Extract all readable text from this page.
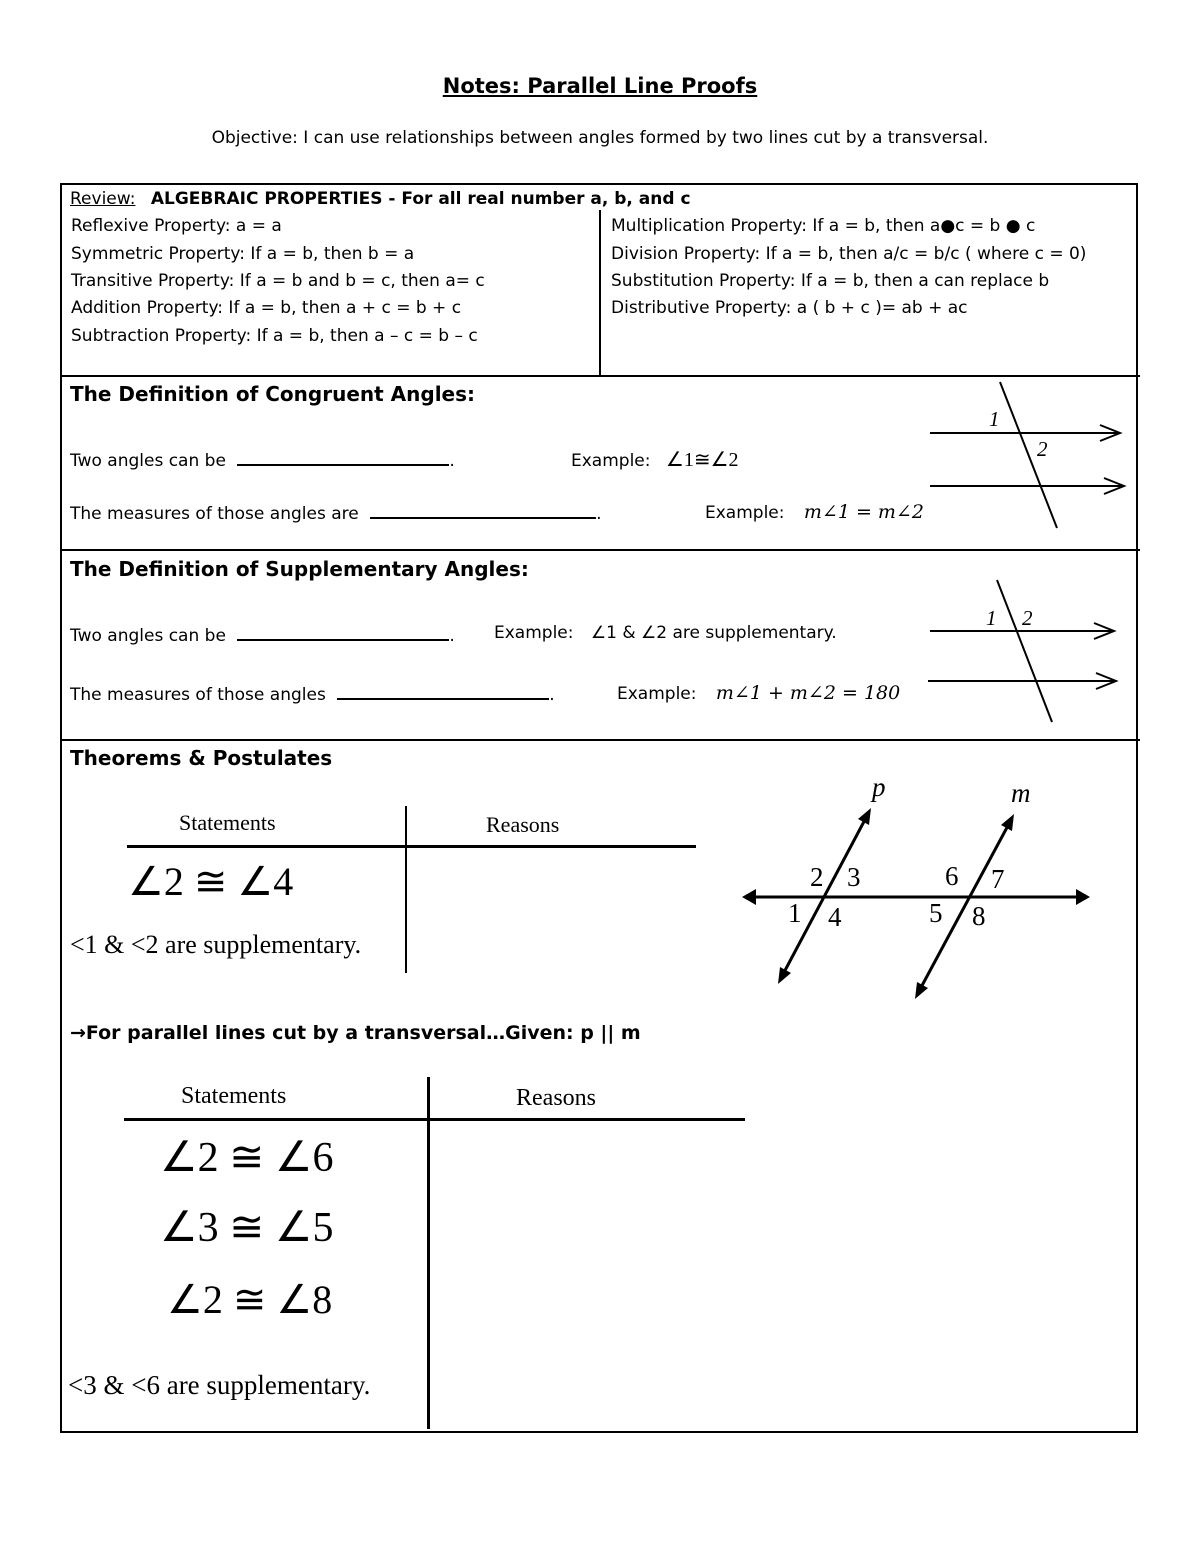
Notes: Parallel Line Proofs
Objective: I can use relationships between angles formed by two lines cut by a transversal.
Review: ALGEBRAIC PROPERTIES - For all real number a, b, and c
Reflexive Property: a = a
Symmetric Property: If a = b, then b = a
Transitive Property: If a = b and b = c, then a= c
Addition Property: If a = b, then a + c = b + c
Subtraction Property: If a = b, then a – c = b – c
Multiplication Property: If a = b, then a●c = b ● c
Division Property: If a = b, then a/c = b/c ( where c = 0)
Substitution Property: If a = b, then a can replace b
Distributive Property: a ( b + c )= ab + ac
The Definition of Congruent Angles:
Two angles can be	.	Example: ∠1≅∠2
The measures of those angles are	.	Example: m∠1 = m∠2
1
2
The Definition of Supplementary Angles:
Two angles can be	. Example: ∠1 & ∠2 are supplementary.
The measures of those angles	.	Example: m∠1 + m∠2 = 180
1 2
Theorems & Postulates
Statements	Reasons
∠2 ≅ ∠4
<1 & <2 are supplementary.
p	m
2 3
1 4
6 7
5 8
→For parallel lines cut by a transversal…Given: p || m
Statements	Reasons
∠2 ≅ ∠6
∠3 ≅ ∠5
∠2 ≅ ∠8
<3 & <6 are supplementary.
